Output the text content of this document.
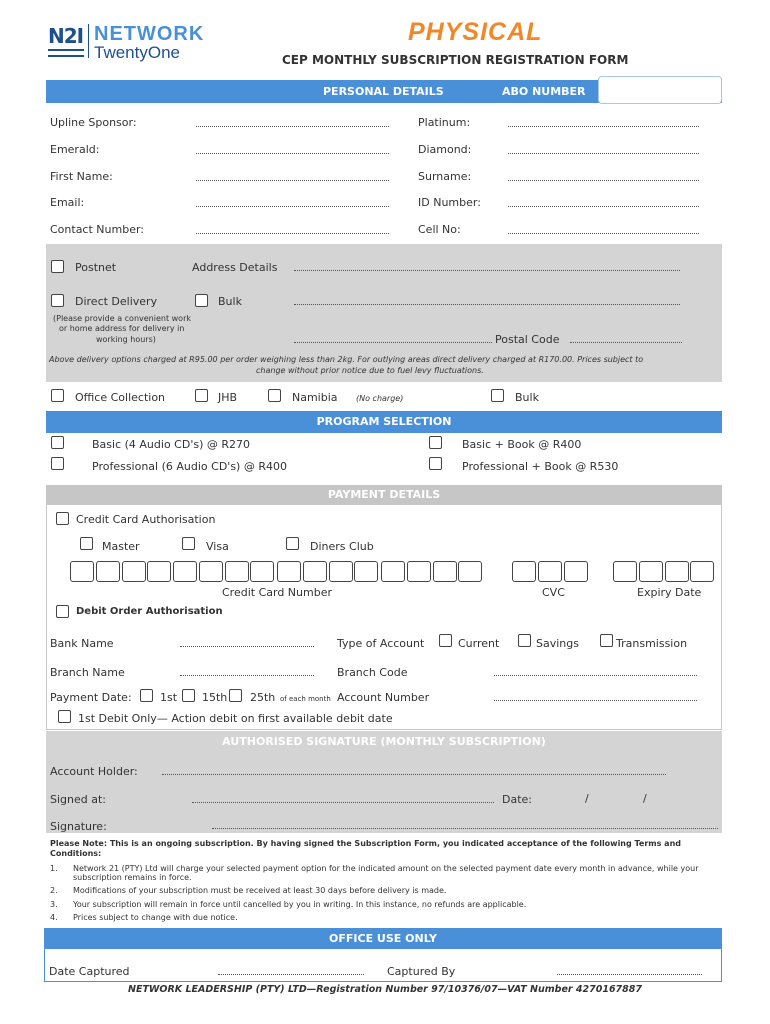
N2I NETWORK
TwentyOne
PHYSICAL
CEP MONTHLY SUBSCRIPTION REGISTRATION FORM
PERSONAL DETAILS	ABO NUMBER
Upline Sponsor:	Platinum:
Emerald:	Diamond:
First Name:	Surname:
Email:	ID Number:
Contact Number:	Cell No:
Postnet	Address Details
Direct Delivery	Bulk
(Please provide a convenient work
or home address for delivery in
working hours)	Postal Code
Above delivery options charged at R95.00 per order weighing less than 2kg. For outlying areas direct delivery charged at R170.00. Prices subject to
change without prior notice due to fuel levy fluctuations.
Office Collection	JHB	Namibia (No charge)	Bulk
PROGRAM SELECTION
Basic (4 Audio CD's) @ R270	Basic + Book @ R400
Professional (6 Audio CD's) @ R400	Professional + Book @ R530
PAYMENT DETAILS
Credit Card Authorisation
Master	Visa	Diners Club
Credit Card Number	CVC	Expiry Date
Debit Order Authorisation
Bank Name	Type of Account	Current	Savings	Transmission
Branch Name	Branch Code
Payment Date:	1st 15th 25th of each month Account Number
1st Debit Only— Action debit on first available debit date
AUTHORISED SIGNATURE (MONTHLY SUBSCRIPTION)
Account Holder:
Signed at:	Date:	/	/
Signature:
Please Note: This is an ongoing subscription. By having signed the Subscription Form, you indicated acceptance of the following Terms and Conditions:
1. Network 21 (PTY) Ltd will charge your selected payment option for the indicated amount on the selected payment date every month in advance, while your subscription remains in force.
2. Modifications of your subscription must be received at least 30 days before delivery is made.
3. Your subscription will remain in force until cancelled by you in writing. In this instance, no refunds are applicable.
4. Prices subject to change with due notice.
OFFICE USE ONLY
Date Captured	Captured By
NETWORK LEADERSHIP (PTY) LTD—Registration Number 97/10376/07—VAT Number 4270167887
